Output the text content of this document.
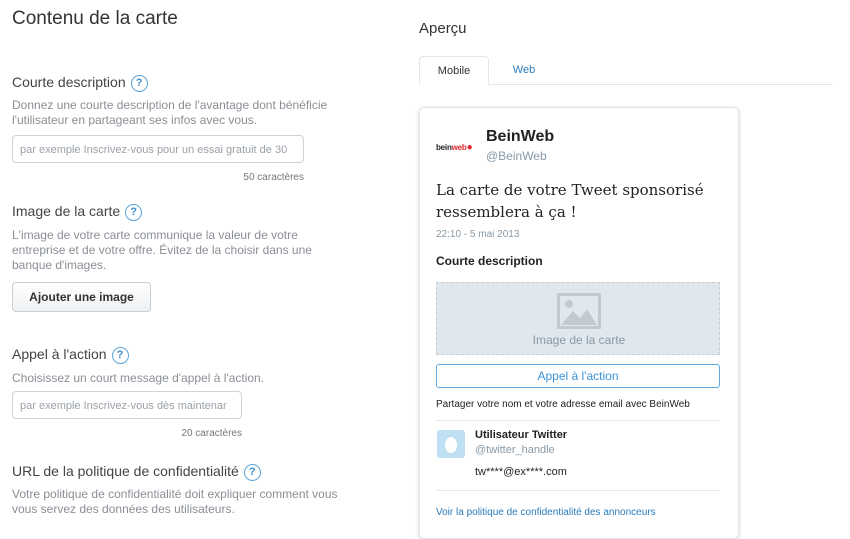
Contenu de la carte
Courte description ?
Donnez une courte description de l'avantage dont bénéficie l'utilisateur en partageant ses infos avec vous.
par exemple Inscrivez-vous pour un essai gratuit de 30
50 caractères
Image de la carte ?
L'image de votre carte communique la valeur de votre entreprise et de votre offre. Évitez de la choisir dans une banque d'images.
Ajouter une image
Appel à l'action ?
Choisissez un court message d'appel à l'action.
par exemple Inscrivez-vous dès maintenar
20 caractères
URL de la politique de confidentialité ?
Votre politique de confidentialité doit expliquer comment vous vous servez des données des utilisateurs.
Aperçu
Mobile	Web
beinweb●
BeinWeb
@BeinWeb
La carte de votre Tweet sponsorisé ressemblera à ça !
22:10 - 5 mai 2013
Courte description
Image de la carte
Appel à l'action
Partager votre nom et votre adresse email avec BeinWeb
Utilisateur Twitter
@twitter_handle
tw****@ex****.com
Voir la politique de confidentialité des annonceurs
